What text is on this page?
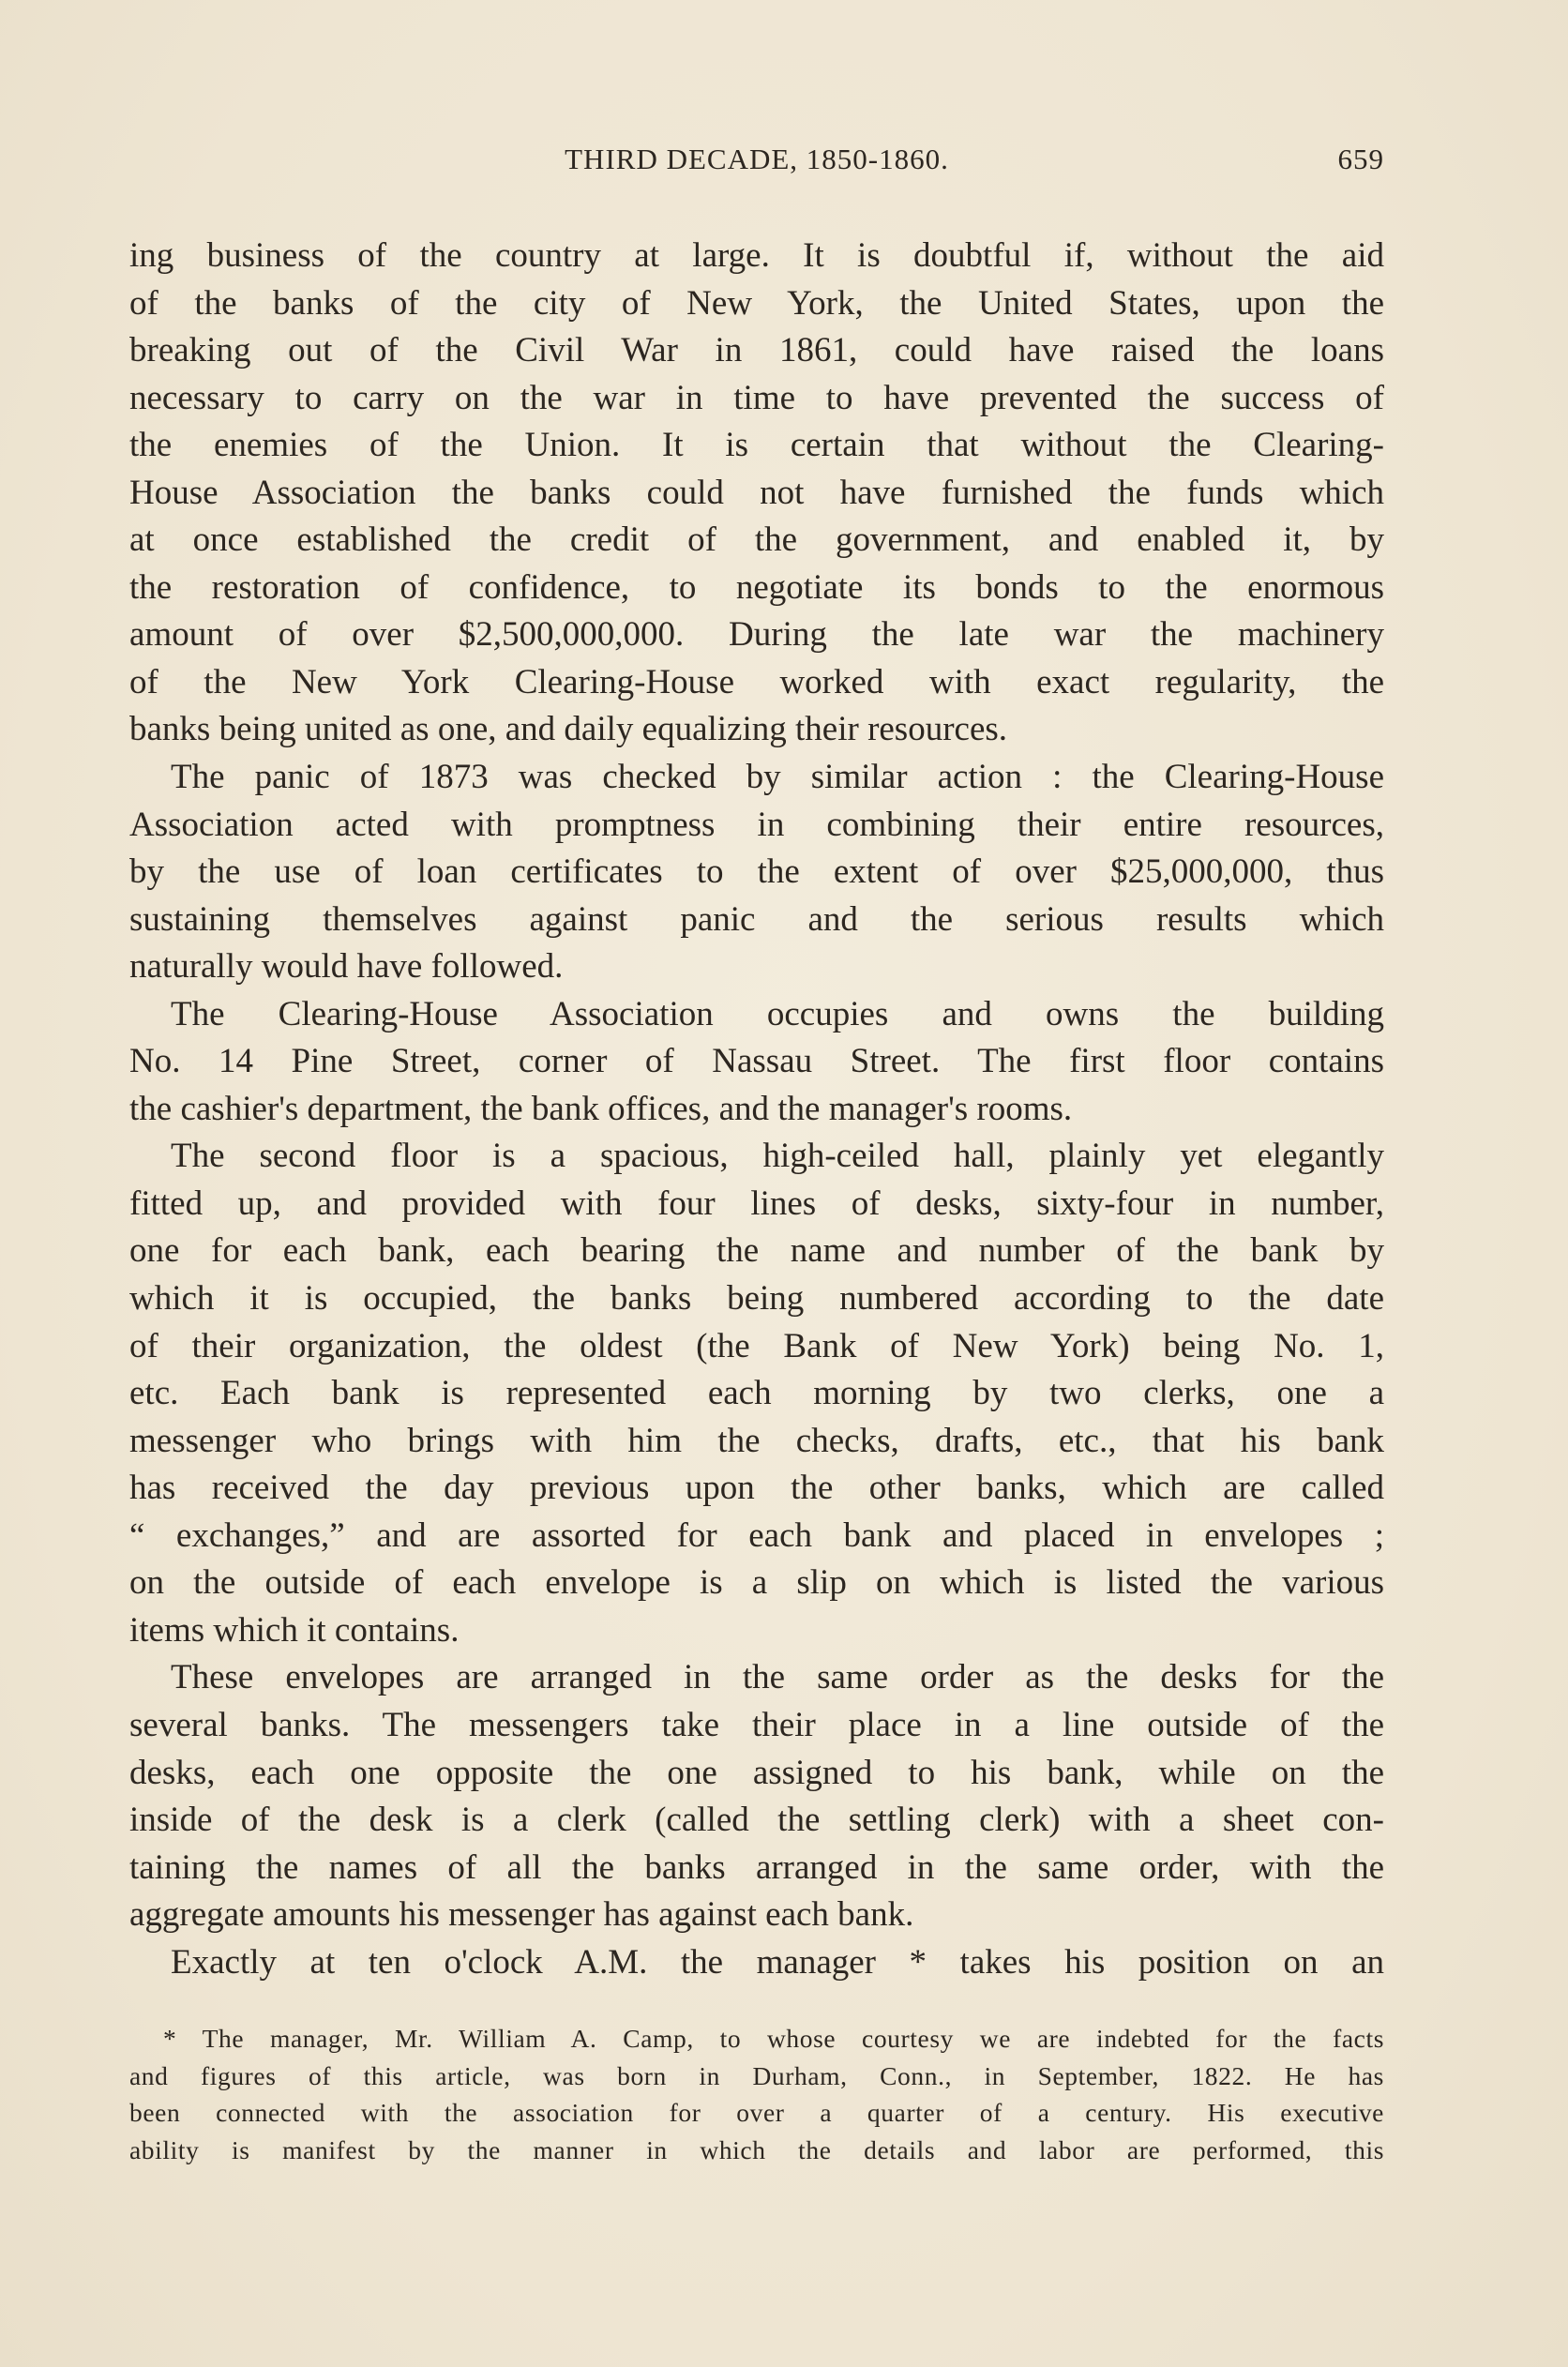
THIRD DECADE, 1850-1860.	659
ing business of the country at large. It is doubtful if, without the aid
of the banks of the city of New York, the United States, upon the
breaking out of the Civil War in 1861, could have raised the loans
necessary to carry on the war in time to have prevented the success of
the enemies of the Union. It is certain that without the Clearing-
House Association the banks could not have furnished the funds which
at once established the credit of the government, and enabled it, by
the restoration of confidence, to negotiate its bonds to the enormous
amount of over $2,500,000,000. During the late war the machinery
of the New York Clearing-House worked with exact regularity, the
banks being united as one, and daily equalizing their resources.
The panic of 1873 was checked by similar action : the Clearing-House
Association acted with promptness in combining their entire resources,
by the use of loan certificates to the extent of over $25,000,000, thus
sustaining themselves against panic and the serious results which
naturally would have followed.
The Clearing-House Association occupies and owns the building
No. 14 Pine Street, corner of Nassau Street. The first floor contains
the cashier's department, the bank offices, and the manager's rooms.
The second floor is a spacious, high-ceiled hall, plainly yet elegantly
fitted up, and provided with four lines of desks, sixty-four in number,
one for each bank, each bearing the name and number of the bank by
which it is occupied, the banks being numbered according to the date
of their organization, the oldest (the Bank of New York) being No. 1,
etc. Each bank is represented each morning by two clerks, one a
messenger who brings with him the checks, drafts, etc., that his bank
has received the day previous upon the other banks, which are called
“ exchanges,” and are assorted for each bank and placed in envelopes ;
on the outside of each envelope is a slip on which is listed the various
items which it contains.
These envelopes are arranged in the same order as the desks for the
several banks. The messengers take their place in a line outside of the
desks, each one opposite the one assigned to his bank, while on the
inside of the desk is a clerk (called the settling clerk) with a sheet con-
taining the names of all the banks arranged in the same order, with the
aggregate amounts his messenger has against each bank.
Exactly at ten o'clock A.M. the manager * takes his position on an
* The manager, Mr. William A. Camp, to whose courtesy we are indebted for the facts
and figures of this article, was born in Durham, Conn., in September, 1822. He has
been connected with the association for over a quarter of a century. His executive
ability is manifest by the manner in which the details and labor are performed, this
